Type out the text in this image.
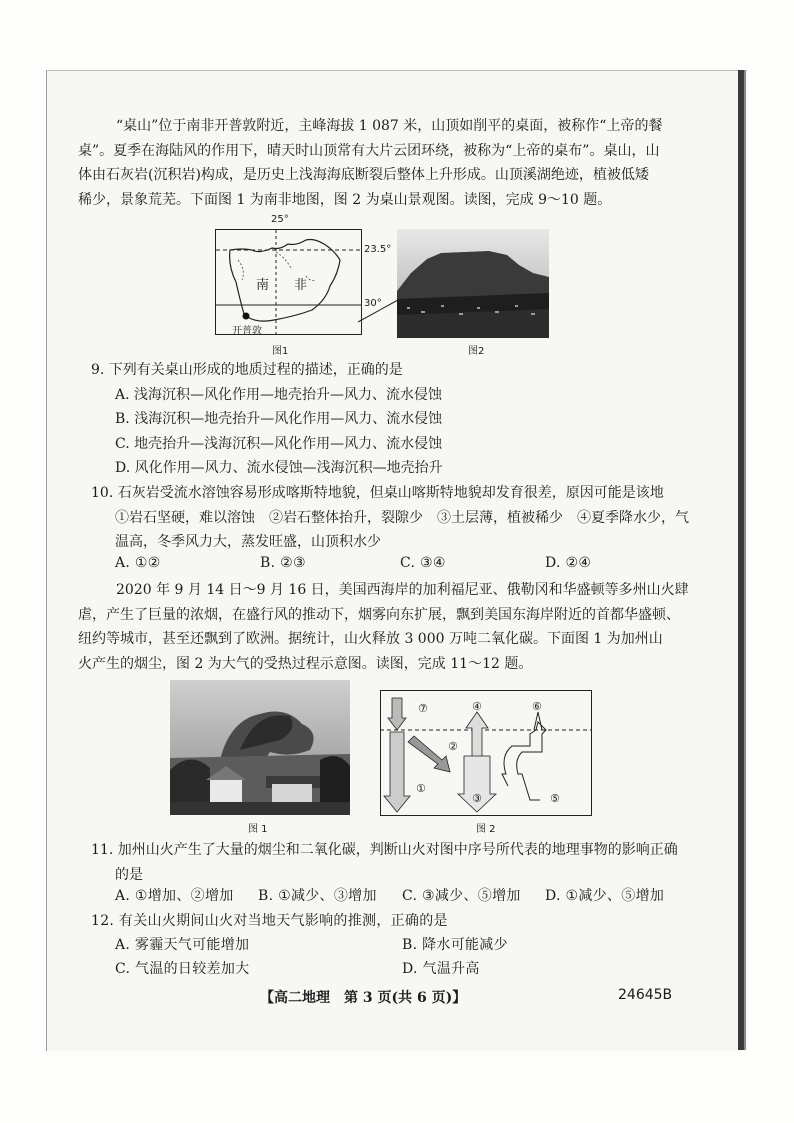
“桌山”位于南非开普敦附近，主峰海拔 1 087 米，山顶如削平的桌面，被称作“上帝的餐

桌”。夏季在海陆风的作用下，晴天时山顶常有大片云团环绕，被称为“上帝的桌布”。桌山，山

体由石灰岩(沉积岩)构成，是历史上浅海海底断裂后整体上升形成。山顶溪湖绝迹，植被低矮

稀少，景象荒芜。下面图 1 为南非地图，图 2 为桌山景观图。读图，完成 9～10 题。

25°
23.5°
30°
南 非
开普敦
图1	图2

9. 下列有关桌山形成的地质过程的描述，正确的是

A. 浅海沉积—风化作用—地壳抬升—风力、流水侵蚀

B. 浅海沉积—地壳抬升—风化作用—风力、流水侵蚀

C. 地壳抬升—浅海沉积—风化作用—风力、流水侵蚀

D. 风化作用—风力、流水侵蚀—浅海沉积—地壳抬升

10. 石灰岩受流水溶蚀容易形成喀斯特地貌，但桌山喀斯特地貌却发育很差，原因可能是该地

①岩石坚硬，难以溶蚀　②岩石整体抬升，裂隙少　③土层薄，植被稀少　④夏季降水少，气

温高，冬季风力大，蒸发旺盛，山顶积水少

A. ①②	B. ②③	C. ③④	D. ②④

2020 年 9 月 14 日～9 月 16 日，美国西海岸的加利福尼亚、俄勒冈和华盛顿等多州山火肆

虐，产生了巨量的浓烟，在盛行风的推动下，烟雾向东扩展，飘到美国东海岸附近的首都华盛顿、

纽约等城市，甚至还飘到了欧洲。据统计，山火释放 3 000 万吨二氧化碳。下面图 1 为加州山

火产生的烟尘，图 2 为大气的受热过程示意图。读图，完成 11～12 题。

⑦	④	⑥
②
①
③	⑤
图 1	图 2

11. 加州山火产生了大量的烟尘和二氧化碳，判断山火对图中序号所代表的地理事物的影响正确

的是

A. ①增加、②增加 B. ①减少、③增加 C. ③减少、⑤增加 D. ①减少、⑤增加
12. 有关山火期间山火对当地天气影响的推测，正确的是
A. 雾霾天气可能增加	B. 降水可能减少
C. 气温的日较差加大	D. 气温升高
【高二地理　第 3 页(共 6 页)】	24645B
